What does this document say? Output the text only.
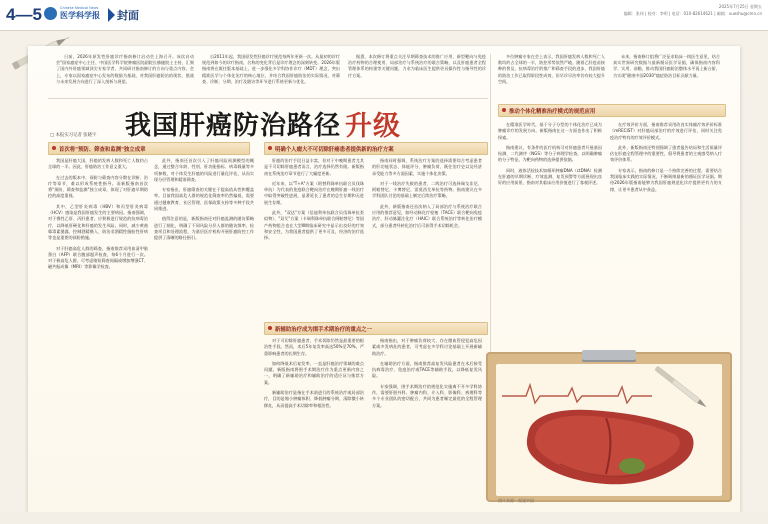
4—5	Chinese Medical News
医学科学报 封面
2025年7月25日 星期五
编辑：张伟 | 校对：李明 | 电话：010-82614621 | 邮箱：xueshu@cmn.cn

日前，2026年原发性肝癌诊疗指南修订启动会上海召开。该次启动会"国家癌症中心主任、中国医学科学院肿瘤医院副院长赫捷院士主持，汇聚了国内外肝癌领域顶尖专家学者，共同研讨指南修订的方向与重点内容。会上，专家以国家癌症中心发布的数据为基础，对我国肝癌防治的现状、挑战与未来发展方向进行了深入剖析与展望。

自2011年起，我国原发性肝癌诊疗规范每两年更新一次。从最初的诊疗规范到如今的诊疗指南，名称的变化背后是诊疗理念的深刻转变。2026年版指南将在既往版本基础上，进一步强化多学科协作诊疗（MDT）理念，突出精准医学与个体化治疗的核心地位，并结合我国肝癌防治的实际情况，对筛查、诊断、分期、治疗及随访等环节进行系统更新与优化。

据悉，本次修订将重点关注早期筛查技术的推广应用、新型靶向与免疫治疗药物的合理使用、局部治疗与系统治疗的联合策略，以及肝癌患者全程管理体系的构建等关键问题，力求为临床医生提供更具操作性与指导性的诊疗方案。

多位肿瘤专家在会上表示，我国肝癌发病人数和死亡人数均约占全球的一半，防控形势依然严峻。随着乙肝疫苗接种的普及、抗病毒治疗的推广和筛查手段的进步，我国肝癌的防治工作已取得阶段性成效，但早诊早治率仍有较大提升空间。

未来，指南修订组将广泛征求临床一线医生意见，结合真实世界研究数据与最新循证医学证据，确保指南内容科学、实用、前瞻，推动我国肝癌防治整体水平再上新台阶，为实现"健康中国2030"癌症防治目标贡献力量。

我国肝癌防治路径 升级
□ 本报实习记者 张晓宇
首次将"预防、筛查和监测"独立成章

我国是肝癌大国，肝癌的发病人数和死亡人数约占全球的一半。因此，肝癌防治工作意义重大。

在过去的版本中，预防与筛查内容分散在诊断、治疗等章节，难以形成系统性指导。而新版指南首次将"预防、筛查和监测"独立成章，体现了对肝癌早期防控的高度重视。

其中，乙型肝炎病毒（HBV）和丙型肝炎病毒（HCV）感染是我国肝癌发生的主要病因。指南强调，对于慢性乙肝、丙肝患者，应积极进行规范的抗病毒治疗，以降低肝硬化和肝癌的发生风险。同时，减少黄曲霉毒素暴露、控制酒精摄入、防治非酒精性脂肪性肝病等也是重要的预防措施。

对于肝癌高危人群的筛查，指南推荐采用血清甲胎蛋白（AFP）联合腹部超声检查，每6个月进行一次。对于极高危人群，可考虑缩短筛查间隔或增加增强CT、磁共振成像（MRI）等影像学检查。

此外，指南还首次引入了肝癌风险预测模型的概念，通过整合年龄、性别、肝功能指标、病毒载量等多项参数，对个体发生肝癌的风险进行量化评估，从而实现分层管理和精准筛查。

专家指出，肝癌筛查的关键在于提高依从性和覆盖率。目前我国高危人群的规范化筛查率仍然偏低，需要通过健康教育、社区管理、医保政策支持等多种手段共同推进。

值得注意的是，新版指南还对肝癌监测的随访策略进行了细化，明确了不同风险分层人群的随访频率、检查项目和处理流程，为基层医疗机构开展肝癌防控工作提供了清晰的路径指引。

明确个人瘤大不可切除肝癌患者提供新的治疗方案

肝癌的治疗手段日益丰富，但对于中晚期患者尤其是不可切除肝癌患者而言，治疗选择仍然有限。新版指南在系统治疗章节进行了大幅度更新。

近年来，以"T+A"方案（阿替利珠单抗联合贝伐珠单抗）为代表的免疫联合靶向治疗在晚期肝癌一线治疗中取得突破性进展，显著延长了患者的总生存期和无进展生存期。

此外，"双达"方案（信迪利单抗联合贝伐珠单抗类似物）、"双艾"方案（卡瑞利珠单抗联合阿帕替尼）等国产药物组合也在大型Ⅲ期临床研究中显示出良好的疗效和安全性，为我国患者提供了更多可及、经济的治疗选择。

指南同时强调，系统治疗方案的选择需要综合考虑患者的肝功能状态、体能评分、肿瘤负荷、既往治疗史以及经济承受能力等多方面因素，实施个体化决策。

对于一线治疗失败的患者，二线治疗可选择瑞戈非尼、阿帕替尼、卡博替尼、雷莫西尤单抗等药物。指南建议在多学科团队讨论的基础上制定后续治疗策略。

此外，新版指南还首次纳入了局部治疗与系统治疗联合应用的推荐意见，如经动脉化疗栓塞（TACE）联合靶向免疫治疗、肝动脉灌注化疗（HAIC）联合系统治疗等转化治疗模式，部分患者经转化治疗后可获得手术切除机会。

新辅助治疗成为围手术期治疗的重点之一

对于可切除肝癌患者，手术切除仍然是最重要的根治性手段。然而，术后5年复发率高达50%至70%，严重影响患者的长期生存。

如何降低术后复发率，一直是肝癌治疗领域的难点问题。新版指南将围手术期治疗作为重点更新内容之一，明确了新辅助治疗和辅助治疗的适应证与推荐方案。

新辅助治疗是指在手术前进行的系统治疗或局部治疗，目的是缩小肿瘤体积、降低肿瘤分期、清除微小转移灶，从而提高手术切除率和根治性。

指南指出，对于肿瘤负荷较大、存在微血管侵犯高危因素或多发病灶的患者，可考虑在多学科讨论基础上开展新辅助治疗。

在辅助治疗方面，指南推荐高复发风险患者在术后接受抗病毒治疗、免疫治疗或TACE等辅助手段，以降低复发风险。

专家强调，围手术期治疗的规范化实施离不开多学科协作，需要肝胆外科、肿瘤内科、介入科、影像科、病理科等多个专业团队的密切配合，共同为患者制定最优的全程管理方案。

推动个体化精准治疗模式的规范应用

在精准医学时代，基于分子分型的个体化治疗已成为肿瘤诊疗的发展方向。新版指南在这一方面也作出了积极探索。

指南建议，有条件的医疗机构可对肝癌患者开展基因检测、二代测序（NGS）等分子病理学检查，以明确肿瘤的分子特征，为靶向药物的选择提供依据。

同时，液体活检技术如循环肿瘤DNA（ctDNA）检测在肝癌的早期诊断、疗效监测、复发预警等方面展现出良好的应用前景，指南对其临床应用价值进行了客观评述。

在疗效评价方面，指南推荐采用改良实体瘤疗效评价标准（mRECIST）对肝癌局部治疗的疗效进行评估，同时关注免疫治疗特有的疗效评价模式。

此外，新版指南还特别强调了患者报告结局和生活质量评估在肝癌全程管理中的重要性，倡导将患者的主观感受纳入疗效评价体系。

专家表示，指南的修订是一个持续完善的过程，需要结合我国临床实践的实际情况，不断吸纳最新的循证医学证据。期待2026年版指南能够为我国肝癌规范化诊疗提供更有力的支撑，让更多患者从中获益。

图片来源：视觉中国
